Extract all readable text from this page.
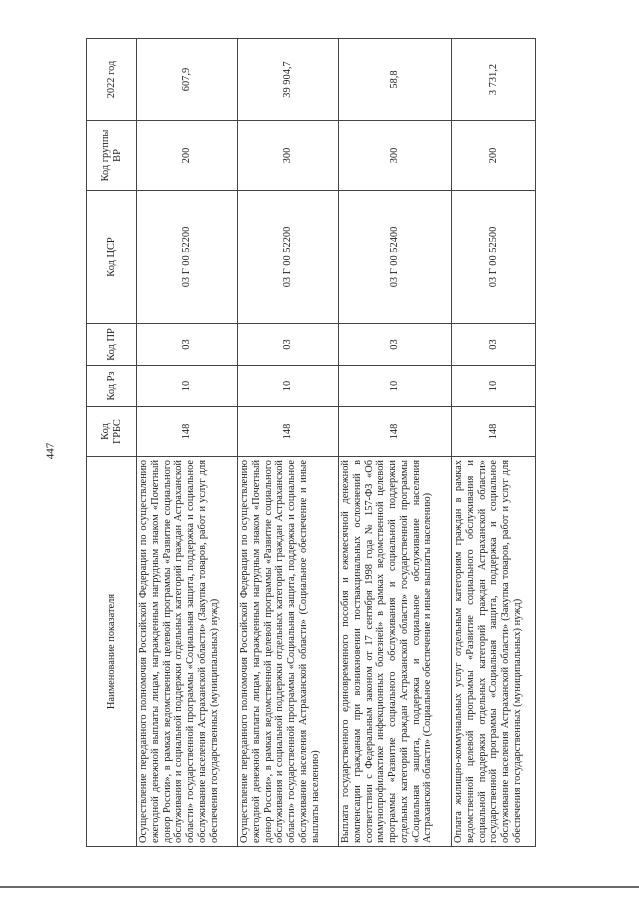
447
Наименование показателя	Код ГРБС	Код Рз	Код ПР	Код ЦСР	Код группы ВР	2022 год
Осуществление переданного полномочия Российской Федерации по осуществлению ежегодной денежной выплаты лицам, награжденным нагрудным знаком «Почетный донор России», в рамках ведомственной целевой программы «Развитие социального обслуживания и социальной поддержки отдельных категорий граждан Астраханской области» государственной программы «Социальная защита, поддержка и социальное обслуживание населения Астраханской области» (Закупка товаров, работ и услуг для обеспечения государственных (муниципальных) нужд)	148	10	03	03 Г 00 52200	200	607,9
Осуществление переданного полномочия Российской Федерации по осуществлению ежегодной денежной выплаты лицам, награжденным нагрудным знаком «Почетный донор России», в рамках ведомственной целевой программы «Развитие социального обслуживания и социальной поддержки отдельных категорий граждан Астраханской области» государственной программы «Социальная защита, поддержка и социальное обслуживание населения Астраханской области» (Социальное обеспечение и иные выплаты населению)	148	10	03	03 Г 00 52200	300	39 904,7
Выплата государственного единовременного пособия и ежемесячной денежной компенсации гражданам при возникновении поствакцинальных осложнений в соответствии с Федеральным законом от 17 сентября 1998 года № 157-ФЗ «Об иммунопрофилактике инфекционных болезней» в рамках ведомственной целевой программы «Развитие социального обслуживания и социальной поддержки отдельных категорий граждан Астраханской области» государственной программы «Социальная защита, поддержка и социальное обслуживание населения Астраханской области» (Социальное обеспечение и иные выплаты населению)	148	10	03	03 Г 00 52400	300	58,8
Оплата жилищно-коммунальных услуг отдельным категориям граждан в рамках ведомственной целевой программы «Развитие социального обслуживания и социальной поддержки отдельных категорий граждан Астраханской области» государственной программы «Социальная защита, поддержка и социальное обслуживание населения Астраханской области» (Закупка товаров, работ и услуг для обеспечения государственных (муниципальных) нужд)	148	10	03	03 Г 00 52500	200	3 731,2
